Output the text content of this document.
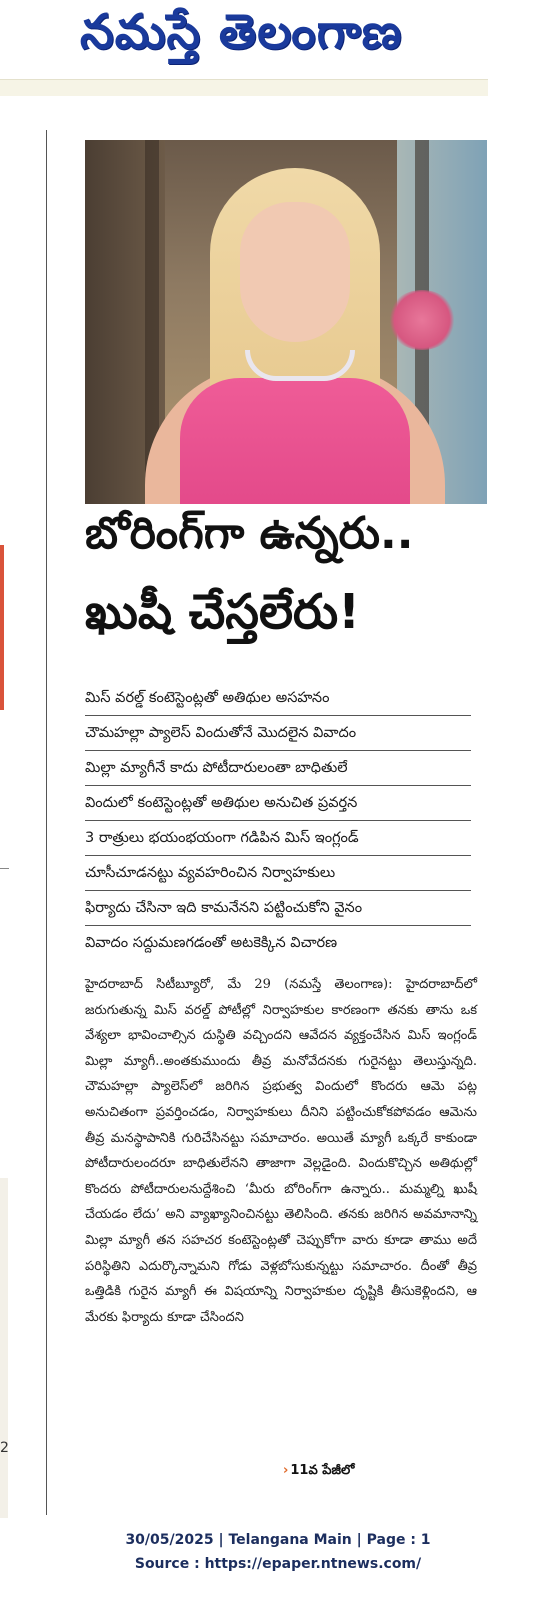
నమస్తే తెలంగాణ
2
బోరింగ్‌గా ఉన్నరు..
ఖుషీ చేస్తలేరు!
మిస్ వరల్డ్ కంటెస్టెంట్లతో అతిథుల అసహనం
చౌమహల్లా ప్యాలెస్ విందుతోనే మొదలైన వివాదం
మిల్లా మ్యాగీనే కాదు పోటీదారులంతా బాధితులే
విందులో కంటెస్టెంట్లతో అతిథుల అనుచిత ప్రవర్తన
3 రాత్రులు భయంభయంగా గడిపిన మిస్ ఇంగ్లండ్
చూసీచూడనట్టు వ్యవహరించిన నిర్వాహకులు
ఫిర్యాదు చేసినా ఇది కామనేనని పట్టించుకోని వైనం
వివాదం సద్దుమణగడంతో అటకెక్కిన విచారణ

హైదరాబాద్ సిటీబ్యూరో, మే 29 (నమస్తే తెలంగాణ): హైదరాబాద్‌లో జరుగుతున్న మిస్ వరల్డ్ పోటీల్లో నిర్వాహకుల కారణంగా తనకు తాను ఒక వేశ్యలా భావించాల్సిన దుస్థితి వచ్చిందని ఆవేదన వ్యక్తంచేసిన మిస్ ఇంగ్లండ్ మిల్లా మ్యాగీ..అంతకుముందు తీవ్ర మనోవేదనకు గురైనట్టు తెలుస్తున్నది. చౌమహల్లా ప్యాలెస్‌లో జరిగిన ప్రభుత్వ విందులో కొందరు ఆమె పట్ల అనుచితంగా ప్రవర్తించడం, నిర్వాహకులు దీనిని పట్టించుకోకపోవడం ఆమెను తీవ్ర మనస్థాపానికి గురిచేసినట్టు సమాచారం. అయితే మ్యాగీ ఒక్కరే కాకుండా పోటీదారులందరూ బాధితులేనని తాజాగా వెల్లడైంది. విందుకొచ్చిన అతిథుల్లో కొందరు పోటీదారులనుద్దేశించి ‘మీరు బోరింగ్‌గా ఉన్నారు.. మమ్మల్ని ఖుషీ చేయడం లేదు’ అని వ్యాఖ్యానించినట్టు తెలిసింది. తనకు జరిగిన అవమానాన్ని మిల్లా మ్యాగీ తన సహచర కంటెస్టెంట్లతో చెప్పుకోగా వారు కూడా తాము అదే పరిస్థితిని ఎదుర్కొన్నామని గోడు వెళ్లబోసుకున్నట్టు సమాచారం. దీంతో తీవ్ర ఒత్తిడికి గురైన మ్యాగీ ఈ విషయాన్ని నిర్వాహకుల దృష్టికి తీసుకెళ్లిందని, ఆ మేరకు ఫిర్యాదు కూడా చేసిందని

› 11వ పేజీలో
30/05/2025 | Telangana Main | Page : 1
Source : https://epaper.ntnews.com/
